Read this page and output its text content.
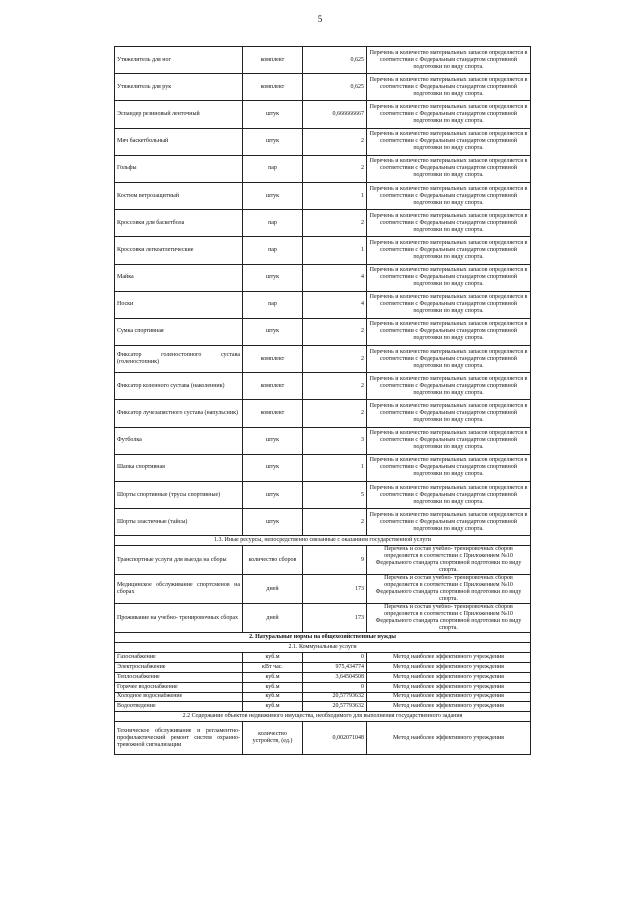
5
Утяжелитель для ног	комплект	0,625	Перечень и количество материальных запасов определяется в соответствии с Федеральным стандартом спортивной подготовки по виду спорта.
Утяжелитель для рук	комплект	0,625	Перечень и количество материальных запасов определяется в соответствии с Федеральным стандартом спортивной подготовки по виду спорта.
Эспандер резиновый ленточный	штук	0,666666667	Перечень и количество материальных запасов определяется в соответствии с Федеральным стандартом спортивной подготовки по виду спорта.
Мяч баскетбольный	штук	2	Перечень и количество материальных запасов определяется в соответствии с Федеральным стандартом спортивной подготовки по виду спорта.
Гольфы	пар	2	Перечень и количество материальных запасов определяется в соответствии с Федеральным стандартом спортивной подготовки по виду спорта.
Костюм ветрозащитный	штук	1	Перечень и количество материальных запасов определяется в соответствии с Федеральным стандартом спортивной подготовки по виду спорта.
Кроссовки для баскетбола	пар	2	Перечень и количество материальных запасов определяется в соответствии с Федеральным стандартом спортивной подготовки по виду спорта.
Кроссовки легкоатлетические	пар	1	Перечень и количество материальных запасов определяется в соответствии с Федеральным стандартом спортивной подготовки по виду спорта.
Майка	штук	4	Перечень и количество материальных запасов определяется в соответствии с Федеральным стандартом спортивной подготовки по виду спорта.
Носки	пар	4	Перечень и количество материальных запасов определяется в соответствии с Федеральным стандартом спортивной подготовки по виду спорта.
Сумка спортивная	штук	2	Перечень и количество материальных запасов определяется в соответствии с Федеральным стандартом спортивной подготовки по виду спорта.
Фиксатор голеностопного сустава (голеностопник)	комплект	2	Перечень и количество материальных запасов определяется в соответствии с Федеральным стандартом спортивной подготовки по виду спорта.
Фиксатор коленного сустава (наколенник)	комплект	2	Перечень и количество материальных запасов определяется в соответствии с Федеральным стандартом спортивной подготовки по виду спорта.
Фиксатор лучезапястного сустава (напульсник)	комплект	2	Перечень и количество материальных запасов определяется в соответствии с Федеральным стандартом спортивной подготовки по виду спорта.
Футболка	штук	3	Перечень и количество материальных запасов определяется в соответствии с Федеральным стандартом спортивной подготовки по виду спорта.
Шапка спортивная	штук	1	Перечень и количество материальных запасов определяется в соответствии с Федеральным стандартом спортивной подготовки по виду спорта.
Шорты спортивные (трусы спортивные)	штук	5	Перечень и количество материальных запасов определяется в соответствии с Федеральным стандартом спортивной подготовки по виду спорта.
Шорты эластичные (тайсы)	штук	2	Перечень и количество материальных запасов определяется в соответствии с Федеральным стандартом спортивной подготовки по виду спорта.
1.3. Иные ресурсы, непосредственно связанные с оказанием государственной услуги			
Транспортные услуги для выезда на сборы	количество сборов	9	Перечень и состав учебно- тренировочных сборов определяется в соответствии с Приложением №10 Федерального стандарта спортивной подготовки по виду спорта.
Медицинское обслуживание спортсменов на сборах	дней	173	Перечень и состав учебно- тренировочных сборов определяется в соответствии с Приложением №10 Федерального стандарта спортивной подготовки по виду спорта.
Проживание на учебно- тренировочных сборах	дней	173	Перечень и состав учебно- тренировочных сборов определяется в соответствии с Приложением №10 Федерального стандарта спортивной подготовки по виду спорта.
2. Натуральные нормы на общехозяйственные нужды			
2.1. Коммунальные услуги			
Газоснабжение	куб.м	0	Метод наиболее эффективного учреждения
Электроснабжение	кВт час.	975,434774	Метод наиболее эффективного учреждения
Теплоснабжение	куб.м	3,64504508	Метод наиболее эффективного учреждения
Горячее водоснабжение	куб.м	0	Метод наиболее эффективного учреждения
Холодное водоснабжение	куб.м	20,57793632	Метод наиболее эффективного учреждения
Водоотведение	куб.м	20,57793632	Метод наиболее эффективного учреждения
2.2 Содержание объектов недвижимого имущества, необходимого для выполнения государственного задания			
Техническое обслуживание и регламентно- профилактический ремонт систем охранно- тревожной сигнализации	количество устройств, (ед.)	0,002071048	Метод наиболее эффективного учреждения
